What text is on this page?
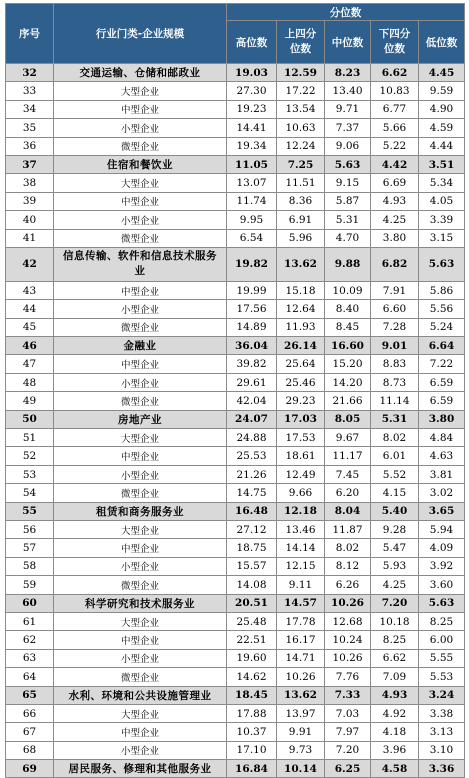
序号	行业门类-企业规模	分位数				
		高位数	上四分位数	中位数	下四分位数	低位数
32	交通运输、仓储和邮政业	19.03	12.59	8.23	6.62	4.45
33	大型企业	27.30	17.22	13.40	10.83	9.59
34	中型企业	19.23	13.54	9.71	6.77	4.90
35	小型企业	14.41	10.63	7.37	5.66	4.59
36	微型企业	19.34	12.24	9.06	5.22	4.44
37	住宿和餐饮业	11.05	7.25	5.63	4.42	3.51
38	大型企业	13.07	11.51	9.15	6.69	5.34
39	中型企业	11.74	8.36	5.87	4.93	4.05
40	小型企业	9.95	6.91	5.31	4.25	3.39
41	微型企业	6.54	5.96	4.70	3.80	3.15
42	信息传输、软件和信息技术服务业	19.82	13.62	9.88	6.82	5.63
43	中型企业	19.99	15.18	10.09	7.91	5.86
44	小型企业	17.56	12.64	8.40	6.60	5.56
45	微型企业	14.89	11.93	8.45	7.28	5.24
46	金融业	36.04	26.14	16.60	9.01	6.64
47	中型企业	39.82	25.64	15.20	8.83	7.22
48	小型企业	29.61	25.46	14.20	8.73	6.59
49	微型企业	42.04	29.23	21.66	11.14	6.59
50	房地产业	24.07	17.03	8.05	5.31	3.80
51	大型企业	24.88	17.53	9.67	8.02	4.84
52	中型企业	25.53	18.61	11.17	6.01	4.63
53	小型企业	21.26	12.49	7.45	5.52	3.81
54	微型企业	14.75	9.66	6.20	4.15	3.02
55	租赁和商务服务业	16.48	12.18	8.04	5.40	3.65
56	大型企业	27.12	13.46	11.87	9.28	5.94
57	中型企业	18.75	14.14	8.02	5.47	4.09
58	小型企业	15.57	12.15	8.12	5.93	3.92
59	微型企业	14.08	9.11	6.26	4.25	3.60
60	科学研究和技术服务业	20.51	14.57	10.26	7.20	5.63
61	大型企业	25.48	17.78	12.68	10.18	8.25
62	中型企业	22.51	16.17	10.24	8.25	6.00
63	小型企业	19.60	14.71	10.26	6.62	5.55
64	微型企业	14.62	10.26	7.76	7.09	5.53
65	水利、环境和公共设施管理业	18.45	13.62	7.33	4.93	3.24
66	大型企业	17.88	13.97	7.03	4.92	3.38
67	中型企业	10.37	9.91	7.97	4.18	3.13
68	小型企业	17.10	9.73	7.20	3.96	3.10
69	居民服务、修理和其他服务业	16.84	10.14	6.25	4.58	3.36
